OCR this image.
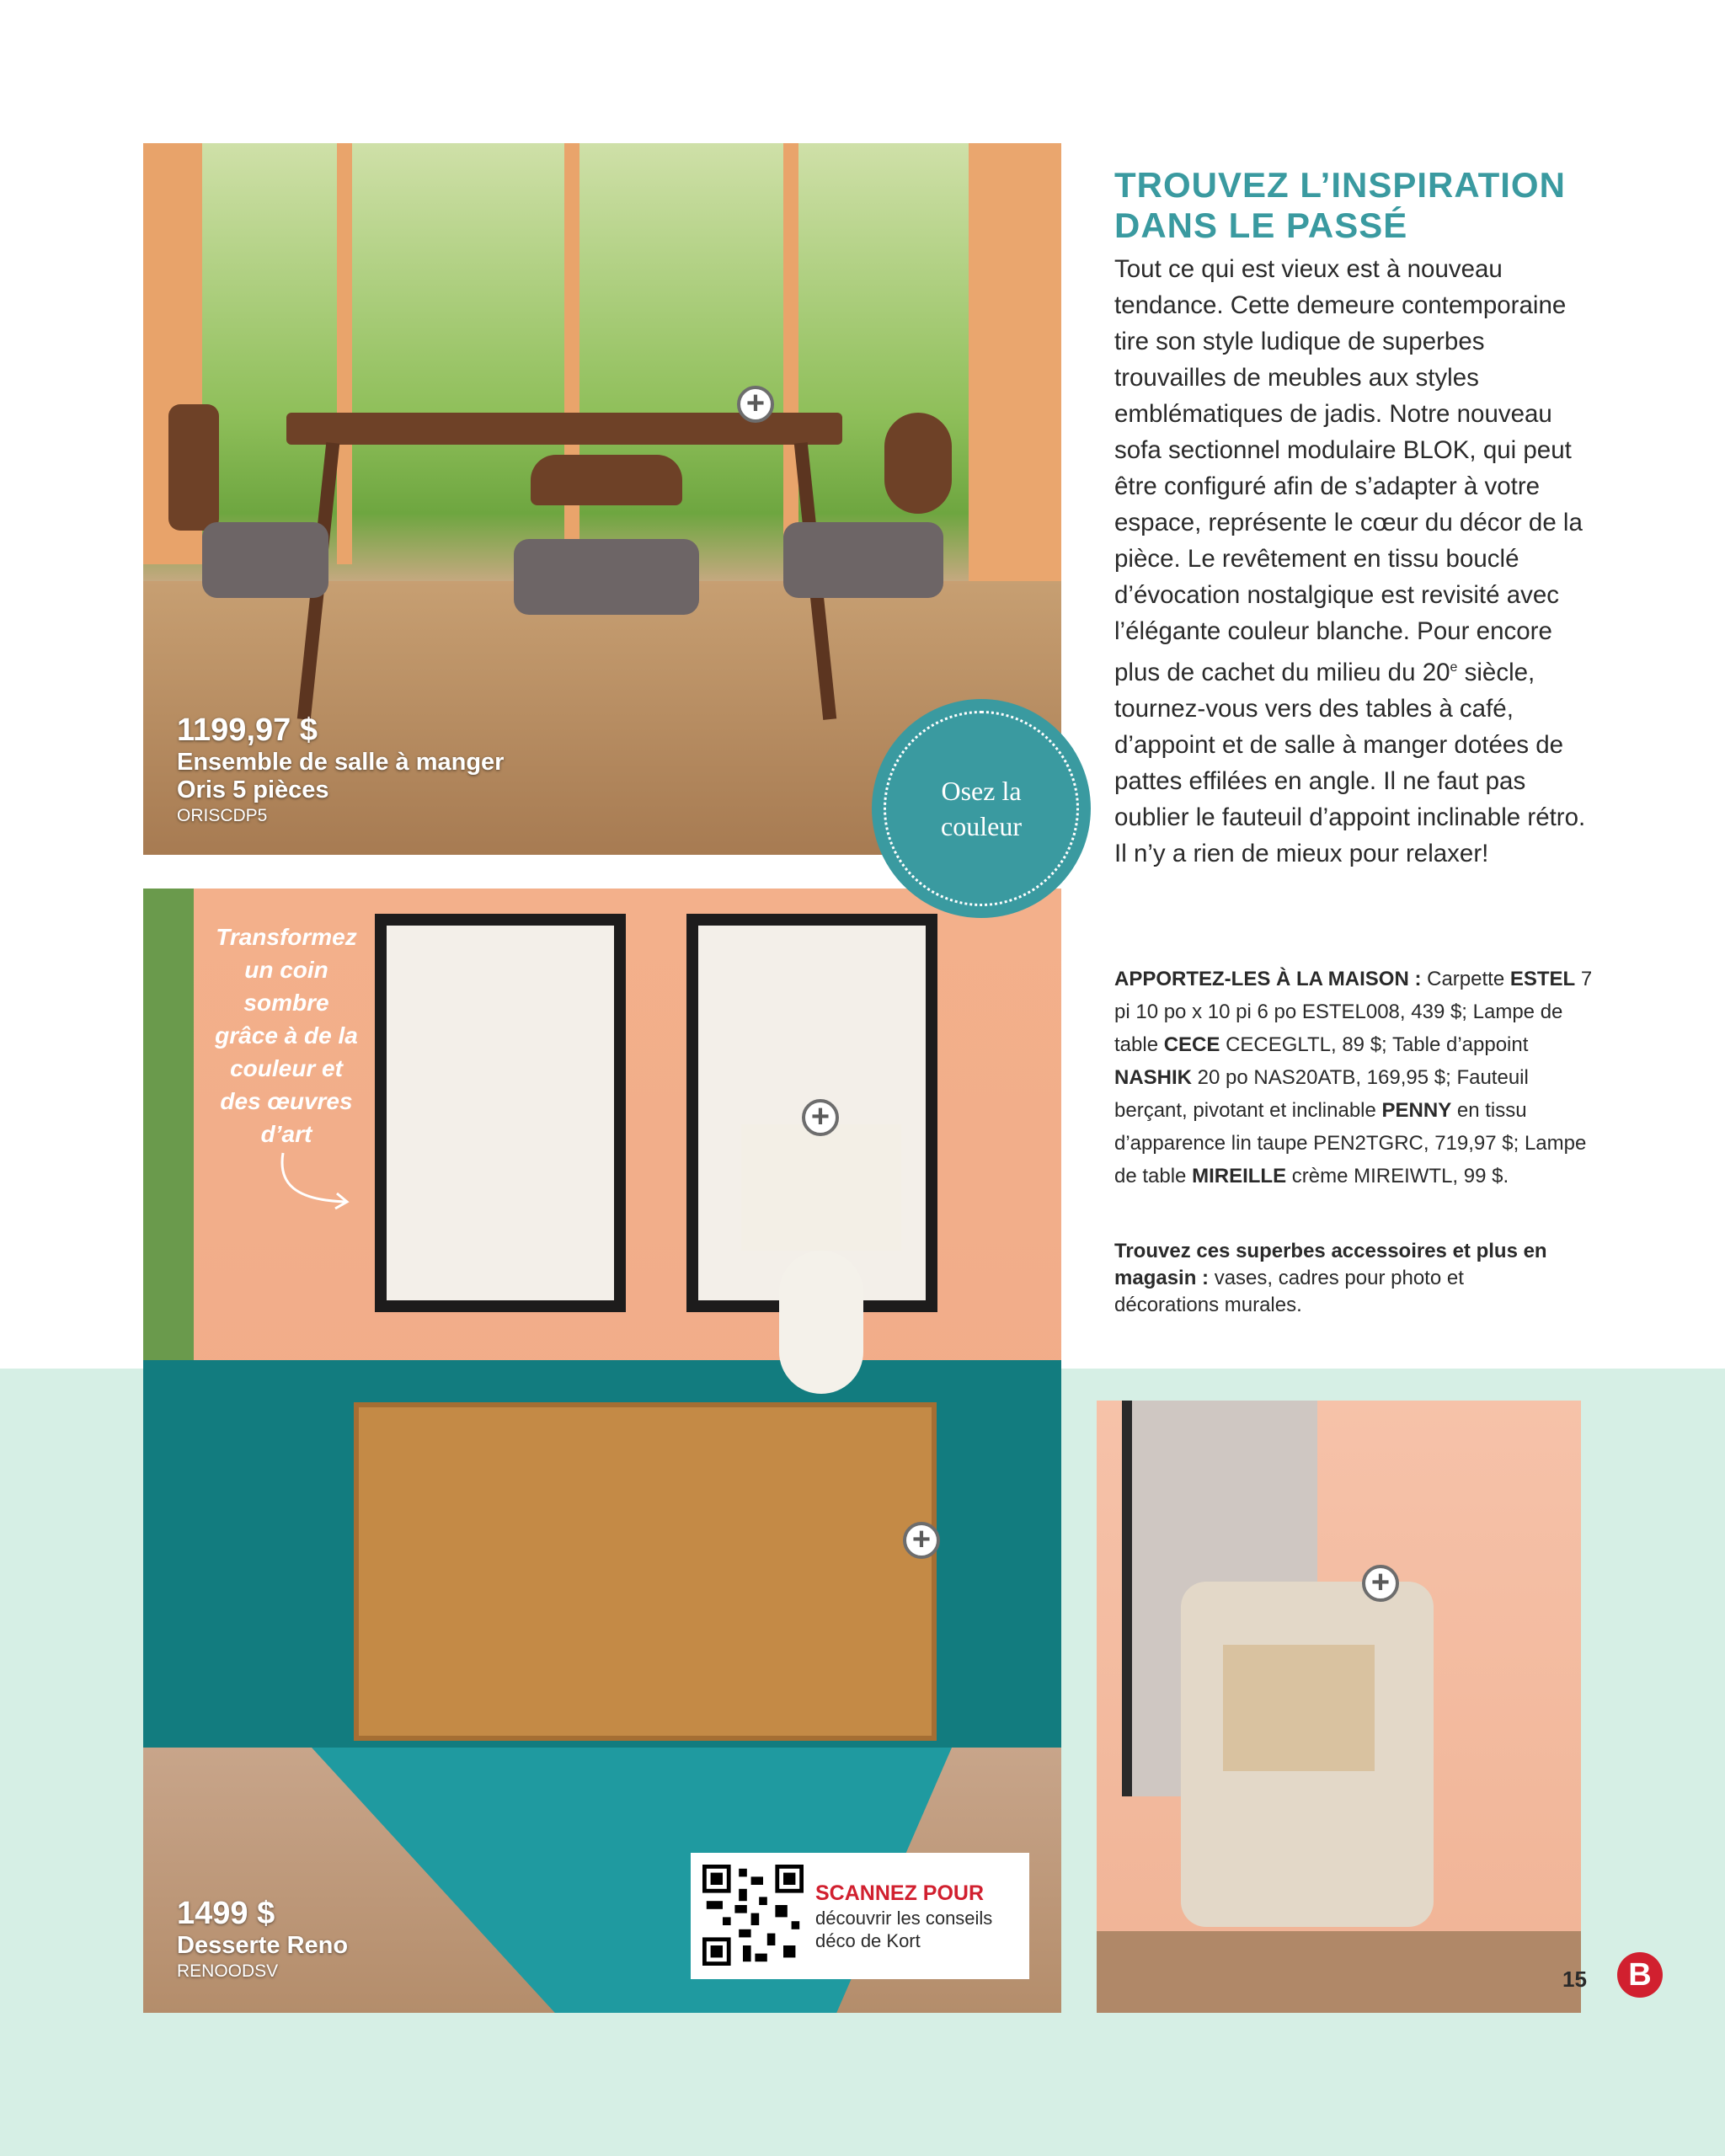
1199,97 $
Ensemble de salle à manger
Oris 5 pièces
ORISCDP5
+
1499 $
Desserte Reno
RENOODSV
+
+
Transformez un coin sombre grâce à de la couleur et des œuvres d’art
SCANNEZ POUR
découvrir les conseils déco de Kort
+
Osez la couleur
TROUVEZ L’INSPIRATION DANS LE PASSÉ
Tout ce qui est vieux est à nouveau tendance. Cette demeure contemporaine tire son style ludique de superbes trouvailles de meubles aux styles emblématiques de jadis. Notre nouveau sofa sectionnel modulaire BLOK, qui peut être configuré afin de s’adapter à votre espace, représente le cœur du décor de la pièce. Le revêtement en tissu bouclé d’évocation nostalgique est revisité avec l’élégante couleur blanche. Pour encore plus de cachet du milieu du 20e siècle, tournez-vous vers des tables à café, d’appoint et de salle à manger dotées de pattes effilées en angle. Il ne faut pas oublier le fauteuil d’appoint inclinable rétro. Il n’y a rien de mieux pour relaxer!
APPORTEZ-LES À LA MAISON : Carpette ESTEL 7 pi 10 po x 10 pi 6 po ESTEL008, 439 $; Lampe de table CECE CECEGLTL, 89 $; Table d’appoint NASHIK 20 po NAS20ATB, 169,95 $; Fauteuil berçant, pivotant et inclinable PENNY en tissu d’apparence lin taupe PEN2TGRC, 719,97 $; Lampe de table MIREILLE crème MIREIWTL, 99 $.
Trouvez ces superbes accessoires et plus en magasin : vases, cadres pour photo et décorations murales.
15	B
